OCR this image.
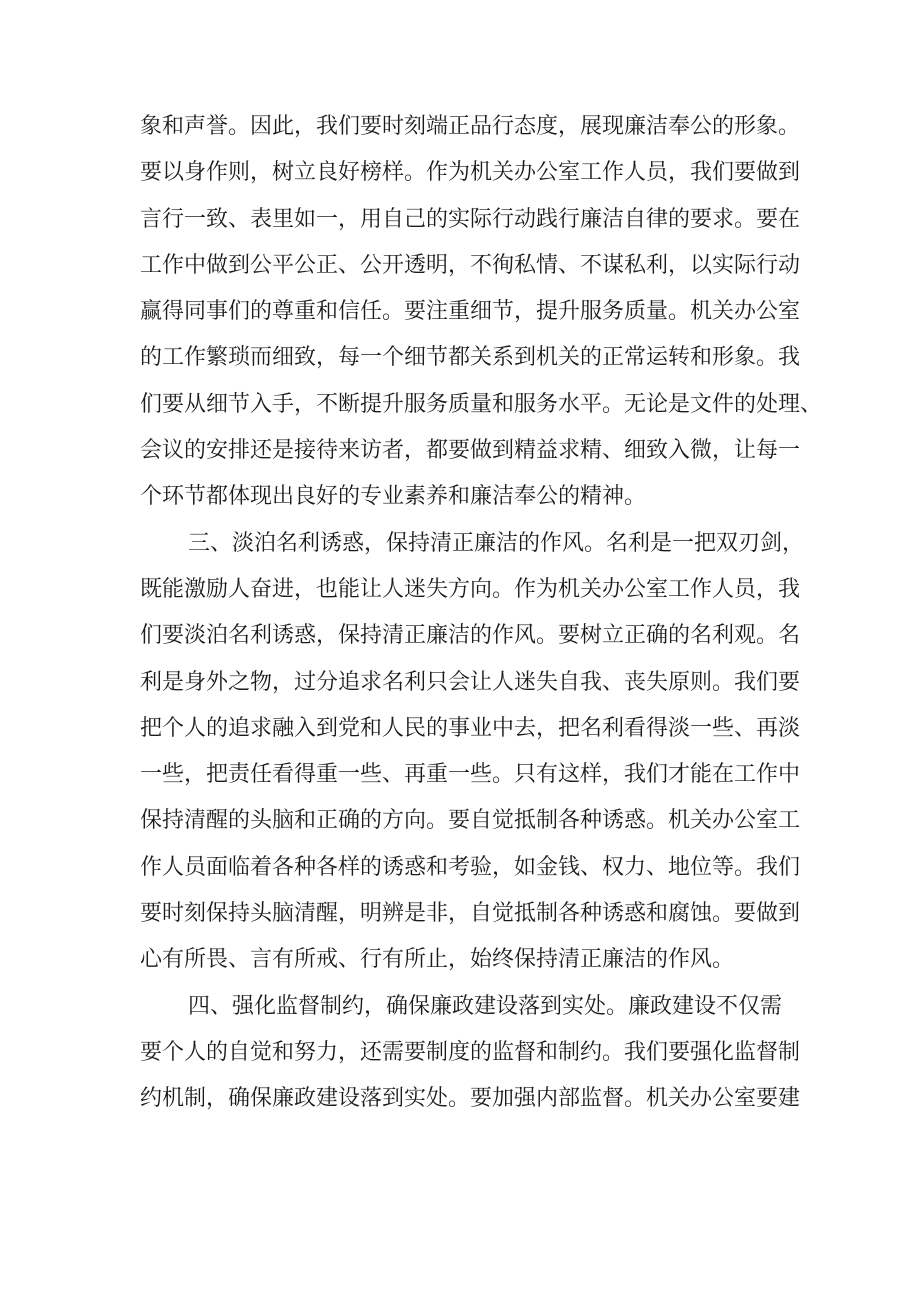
象和声誉。因此，我们要时刻端正品行态度，展现廉洁奉公的形象。
要以身作则，树立良好榜样。作为机关办公室工作人员，我们要做到
言行一致、表里如一，用自己的实际行动践行廉洁自律的要求。要在
工作中做到公平公正、公开透明，不徇私情、不谋私利，以实际行动
赢得同事们的尊重和信任。要注重细节，提升服务质量。机关办公室
的工作繁琐而细致，每一个细节都关系到机关的正常运转和形象。我
们要从细节入手，不断提升服务质量和服务水平。无论是文件的处理、
会议的安排还是接待来访者，都要做到精益求精、细致入微，让每一
个环节都体现出良好的专业素养和廉洁奉公的精神。
三、淡泊名利诱惑，保持清正廉洁的作风。名利是一把双刃剑，
既能激励人奋进，也能让人迷失方向。作为机关办公室工作人员，我
们要淡泊名利诱惑，保持清正廉洁的作风。要树立正确的名利观。名
利是身外之物，过分追求名利只会让人迷失自我、丧失原则。我们要
把个人的追求融入到党和人民的事业中去，把名利看得淡一些、再淡
一些，把责任看得重一些、再重一些。只有这样，我们才能在工作中
保持清醒的头脑和正确的方向。要自觉抵制各种诱惑。机关办公室工
作人员面临着各种各样的诱惑和考验，如金钱、权力、地位等。我们
要时刻保持头脑清醒，明辨是非，自觉抵制各种诱惑和腐蚀。要做到
心有所畏、言有所戒、行有所止，始终保持清正廉洁的作风。
四、强化监督制约，确保廉政建设落到实处。廉政建设不仅需
要个人的自觉和努力，还需要制度的监督和制约。我们要强化监督制
约机制，确保廉政建设落到实处。要加强内部监督。机关办公室要建
